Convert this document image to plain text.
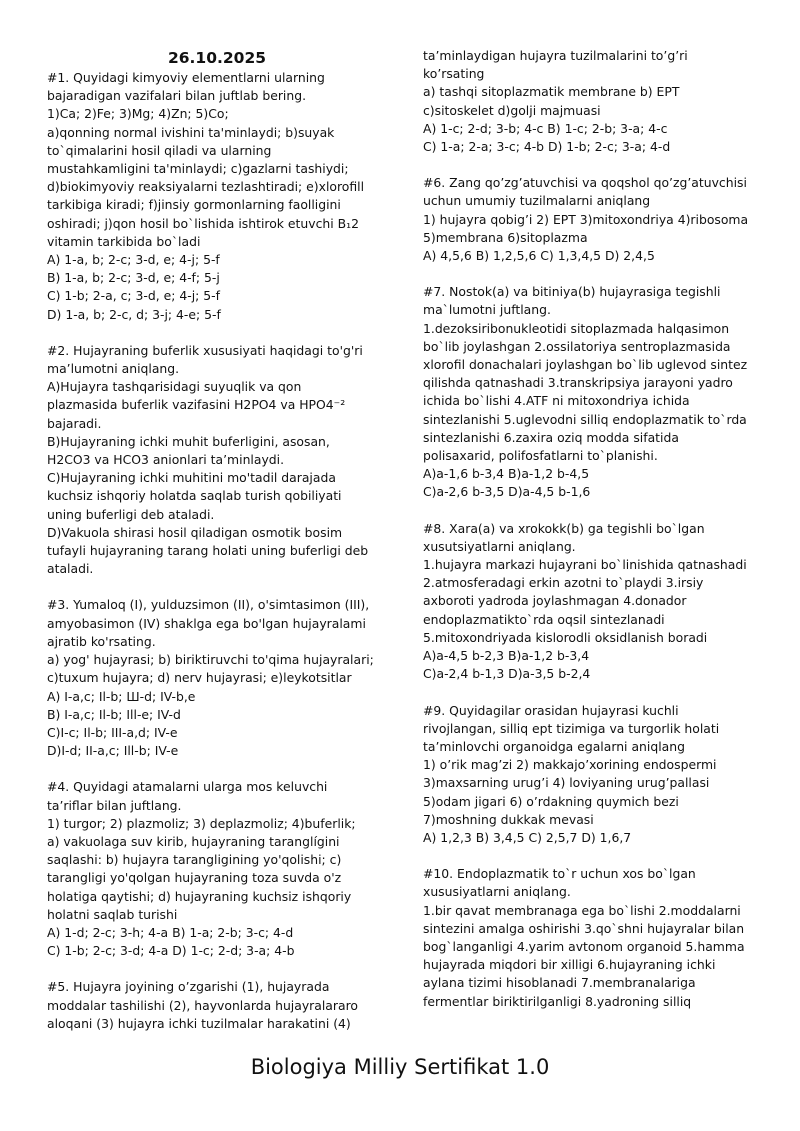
26.10.2025
#1. Quyidagi kimyoviy elementlarni ularning
bajaradigan vazifalari bilan juftlab bering.
1)Ca; 2)Fe; 3)Mg; 4)Zn; 5)Co;
a)qonning normal ivishini ta'minlaydi; b)suyak
to`qimalarini hosil qiladi va ularning
mustahkamligini ta'minlaydi; c)gazlarni tashiydi;
d)biokimyoviy reaksiyalarni tezlashtiradi; e)xlorofill
tarkibiga kiradi; f)jinsiy gormonlarning faolligini
oshiradi; j)qon hosil bo`lishida ishtirok etuvchi B₁2
vitamin tarkibida bo`ladi
A) 1-a, b; 2-c; 3-d, e; 4-j; 5-f
B) 1-a, b; 2-c; 3-d, e; 4-f; 5-j
C) 1-b; 2-a, c; 3-d, e; 4-j; 5-f
D) 1-a, b; 2-c, d; 3-j; 4-e; 5-f
#2. Hujayraning buferlik xususiyati haqidagi to'g'ri
ma’lumotni aniqlang.
A)Hujayra tashqarisidagi suyuqlik va qon
plazmasida buferlik vazifasini H2PO4 va HPO4⁻²
bajaradi.
B)Hujayraning ichki muhit buferligini, asosan,
H2CO3 va HCO3 anionlari ta’minlaydi.
C)Hujayraning ichki muhitini mo'tadil darajada
kuchsiz ishqoriy holatda saqlab turish qobiliyati
uning buferligi deb ataladi.
D)Vakuola shirasi hosil qiladigan osmotik bosim
tufayli hujayraning tarang holati uning buferligi deb
ataladi.
#3. Yumaloq (I), yulduzsimon (II), o'simtasimon (III),
amyobasimon (IV) shaklga ega bo'lgan hujayralami
ajratib ko'rsating.
a) yog' hujayrasi; b) biriktiruvchi to'qima hujayralari;
c)tuxum hujayra; d) nerv hujayrasi; e)leykotsitlar
A) I-a,c; Il-b; Ш-d; IV-b,e
B) I-a,c; Il-b; Ill-e; IV-d
C)I-c; Il-b; III-a,d; IV-e
D)I-d; II-a,c; Ill-b; IV-e
#4. Quyidagi atamalarni ularga mos keluvchi
ta’riflar bilan juftlang.
1) turgor; 2) plazmoliz; 3) deplazmoliz; 4)buferlik;
a) vakuolaga suv kirib, hujayraning taranglígini
saqlashi: b) hujayra tarangligining yo'qolishi; c)
tarangligi yo'qolgan hujayraning toza suvda o'z
holatiga qaytishi; d) hujayraning kuchsiz ishqoriy
holatni saqlab turishi
A) 1-d; 2-c; 3-h; 4-a B) 1-a; 2-b; 3-c; 4-d
C) 1-b; 2-c; 3-d; 4-a D) 1-c; 2-d; 3-a; 4-b
#5. Hujayra joyining o’zgarishi (1), hujayrada
moddalar tashilishi (2), hayvonlarda hujayralararo
aloqani (3) hujayra ichki tuzilmalar harakatini (4)
ta’minlaydigan hujayra tuzilmalarini to’g’ri
ko’rsating
a) tashqi sitoplazmatik membrane b) EPT
c)sitoskelet d)golji majmuasi
A) 1-c; 2-d; 3-b; 4-c B) 1-c; 2-b; 3-a; 4-c
C) 1-a; 2-a; 3-c; 4-b D) 1-b; 2-c; 3-a; 4-d
#6. Zang qo’zg’atuvchisi va qoqshol qo’zg’atuvchisi
uchun umumiy tuzilmalarni aniqlang
1) hujayra qobig’i 2) EPT 3)mitoxondriya 4)ribosoma
5)membrana 6)sitoplazma
A) 4,5,6 B) 1,2,5,6 C) 1,3,4,5 D) 2,4,5
#7. Nostok(a) va bitiniya(b) hujayrasiga tegishli
ma`lumotni juftlang.
1.dezoksiribonukleotidi sitoplazmada halqasimon
bo`lib joylashgan 2.ossilatoriya sentroplazmasida
xlorofil donachalari joylashgan bo`lib uglevod sintez
qilishda qatnashadi 3.transkripsiya jarayoni yadro
ichida bo`lishi 4.ATF ni mitoxondriya ichida
sintezlanishi 5.uglevodni silliq endoplazmatik to`rda
sintezlanishi 6.zaxira oziq modda sifatida
polisaxarid, polifosfatlarni to`planishi.
A)a-1,6 b-3,4 B)a-1,2 b-4,5
C)a-2,6 b-3,5 D)a-4,5 b-1,6
#8. Xara(a) va xrokokk(b) ga tegishli bo`lgan
xusutsiyatlarni aniqlang.
1.hujayra markazi hujayrani bo`linishida qatnashadi
2.atmosferadagi erkin azotni to`playdi 3.irsiy
axboroti yadroda joylashmagan 4.donador
endoplazmatikto`rda oqsil sintezlanadi
5.mitoxondriyada kislorodli oksidlanish boradi
A)a-4,5 b-2,3 B)a-1,2 b-3,4
C)a-2,4 b-1,3 D)a-3,5 b-2,4
#9. Quyidagilar orasidan hujayrasi kuchli
rivojlangan, silliq ept tizimiga va turgorlik holati
ta’minlovchi organoidga egalarni aniqlang
1) o’rik mag’zi 2) makkajo’xorining endospermi
3)maxsarning urug’i 4) loviyaning urug’pallasi
5)odam jigari 6) o’rdakning quymich bezi
7)moshning dukkak mevasi
A) 1,2,3 B) 3,4,5 C) 2,5,7 D) 1,6,7
#10. Endoplazmatik to`r uchun xos bo`lgan
xususiyatlarni aniqlang.
1.bir qavat membranaga ega bo`lishi 2.moddalarni
sintezini amalga oshirishi 3.qo`shni hujayralar bilan
bog`langanligi 4.yarim avtonom organoid 5.hamma
hujayrada miqdori bir xilligi 6.hujayraning ichki
aylana tizimi hisoblanadi 7.membranalariga
fermentlar biriktirilganligi 8.yadroning silliq
Biologiya Milliy Sertifikat 1.0
